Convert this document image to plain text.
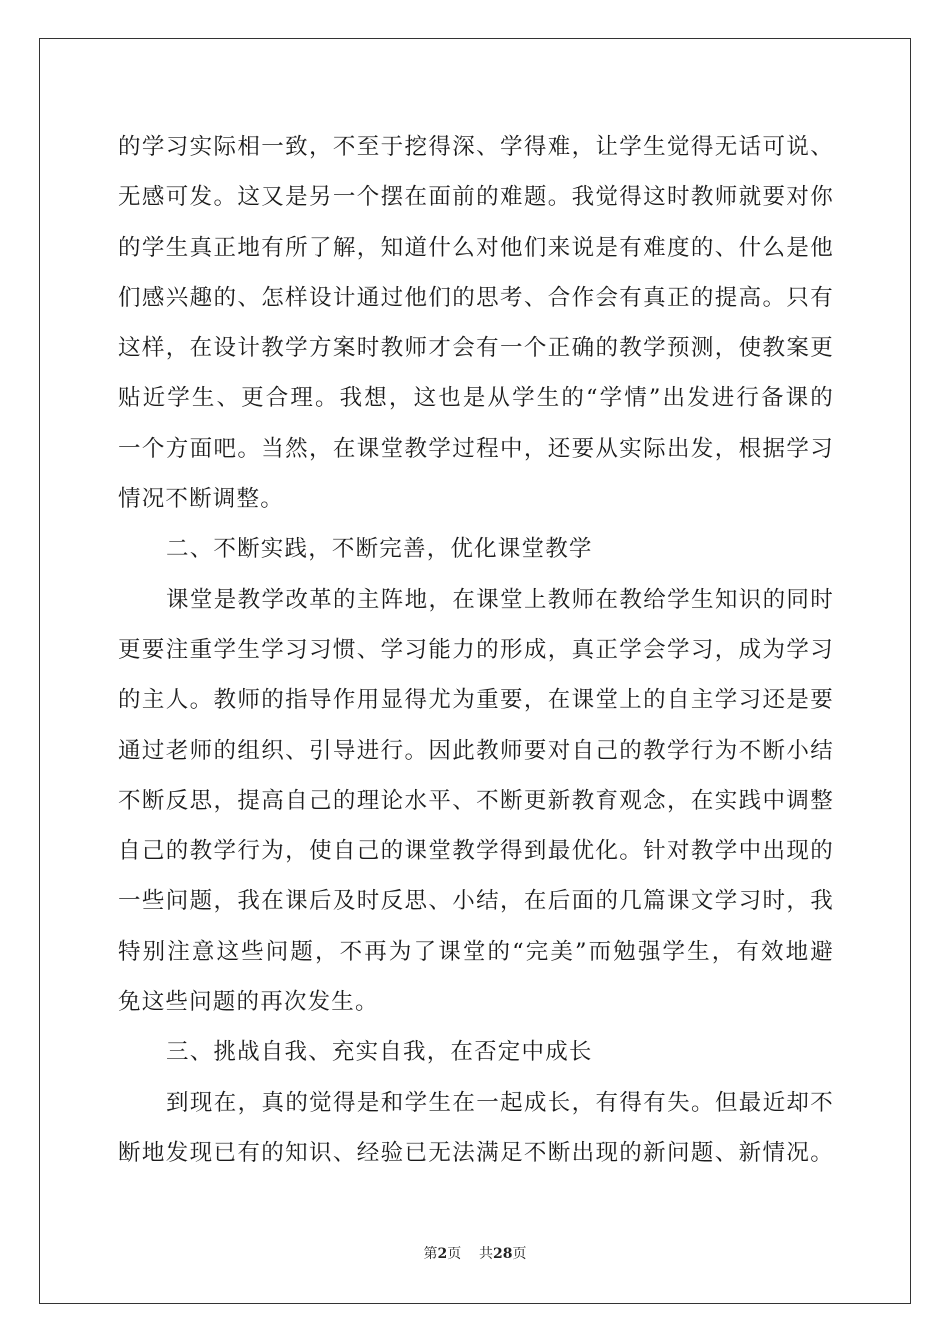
的学习实际相一致，不至于挖得深、学得难，让学生觉得无话可说、
无感可发。这又是另一个摆在面前的难题。我觉得这时教师就要对你
的学生真正地有所了解，知道什么对他们来说是有难度的、什么是他
们感兴趣的、怎样设计通过他们的思考、合作会有真正的提高。只有
这样，在设计教学方案时教师才会有一个正确的教学预测，使教案更
贴近学生、更合理。我想，这也是从学生的“学情”出发进行备课的
一个方面吧。当然，在课堂教学过程中，还要从实际出发，根据学习
情况不断调整。
二、不断实践，不断完善，优化课堂教学
课堂是教学改革的主阵地，在课堂上教师在教给学生知识的同时
更要注重学生学习习惯、学习能力的形成，真正学会学习，成为学习
的主人。教师的指导作用显得尤为重要，在课堂上的自主学习还是要
通过老师的组织、引导进行。因此教师要对自己的教学行为不断小结
不断反思，提高自己的理论水平、不断更新教育观念，在实践中调整
自己的教学行为，使自己的课堂教学得到最优化。针对教学中出现的
一些问题，我在课后及时反思、小结，在后面的几篇课文学习时，我
特别注意这些问题，不再为了课堂的“完美”而勉强学生，有效地避
免这些问题的再次发生。
三、挑战自我、充实自我，在否定中成长
到现在，真的觉得是和学生在一起成长，有得有失。但最近却不
断地发现已有的知识、经验已无法满足不断出现的新问题、新情况。
第2页 共28页
